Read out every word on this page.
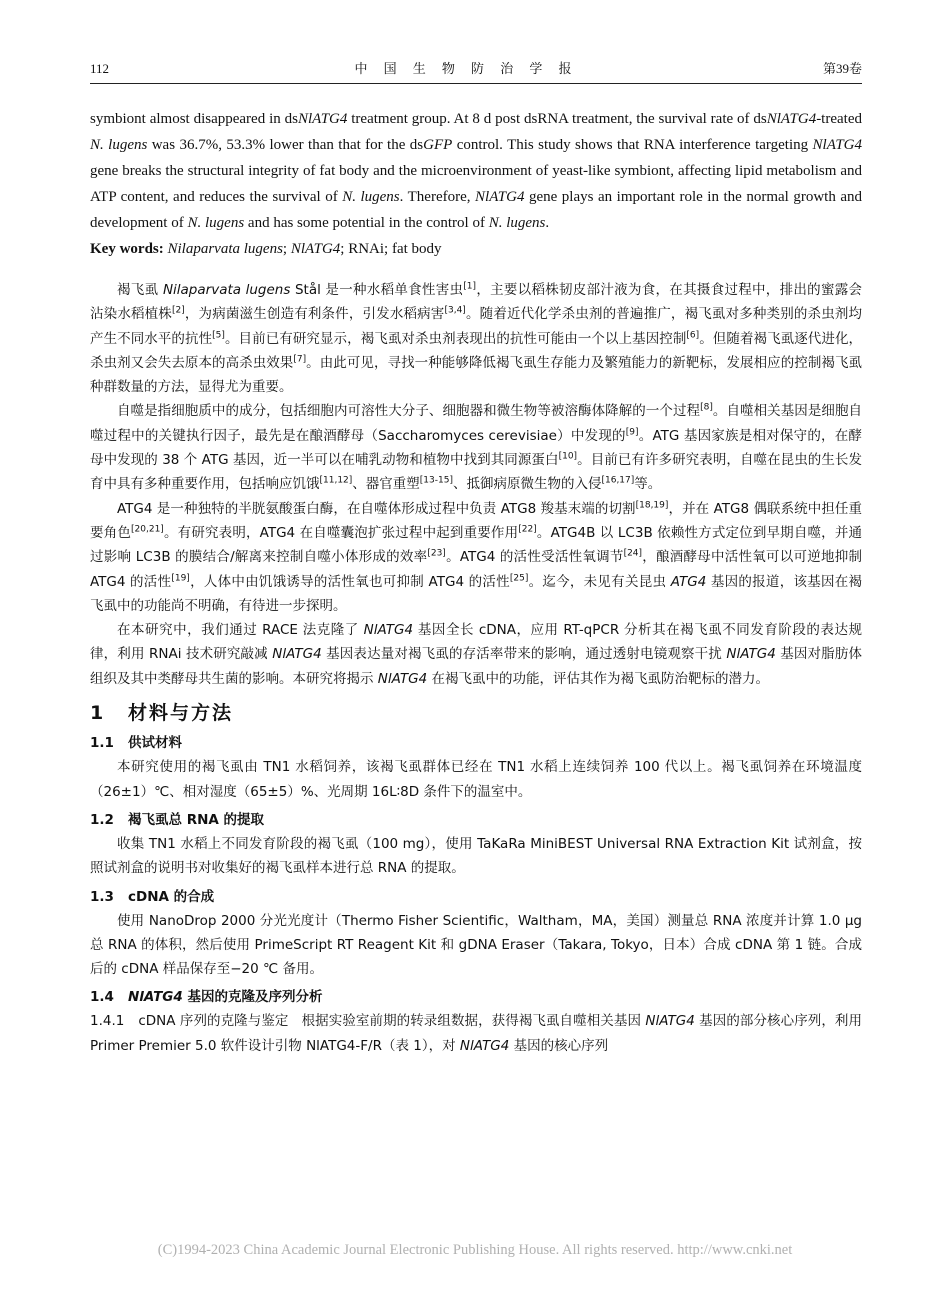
112	中 国 生 物 防 治 学 报	第39卷
symbiont almost disappeared in dsNlATG4 treatment group. At 8 d post dsRNA treatment, the survival rate of dsNlATG4-treated N. lugens was 36.7%, 53.3% lower than that for the dsGFP control. This study shows that RNA interference targeting NlATG4 gene breaks the structural integrity of fat body and the microenvironment of yeast-like symbiont, affecting lipid metabolism and ATP content, and reduces the survival of N. lugens. Therefore, NlATG4 gene plays an important role in the normal growth and development of N. lugens and has some potential in the control of N. lugens.
Key words: Nilaparvata lugens; NlATG4; RNAi; fat body

褐飞虱 Nilaparvata lugens Stål 是一种水稻单食性害虫[1]，主要以稻株韧皮部汁液为食，在其摄食过程中，排出的蜜露会沾染水稻植株[2]，为病菌滋生创造有利条件，引发水稻病害[3,4]。随着近代化学杀虫剂的普遍推广，褐飞虱对多种类别的杀虫剂均产生不同水平的抗性[5]。目前已有研究显示，褐飞虱对杀虫剂表现出的抗性可能由一个以上基因控制[6]。但随着褐飞虱逐代进化，杀虫剂又会失去原本的高杀虫效果[7]。由此可见，寻找一种能够降低褐飞虱生存能力及繁殖能力的新靶标，发展相应的控制褐飞虱种群数量的方法，显得尤为重要。

自噬是指细胞质中的成分，包括细胞内可溶性大分子、细胞器和微生物等被溶酶体降解的一个过程[8]。自噬相关基因是细胞自噬过程中的关键执行因子，最先是在酿酒酵母（Saccharomyces cerevisiae）中发现的[9]。ATG 基因家族是相对保守的，在酵母中发现的 38 个 ATG 基因，近一半可以在哺乳动物和植物中找到其同源蛋白[10]。目前已有许多研究表明，自噬在昆虫的生长发育中具有多种重要作用，包括响应饥饿[11,12]、器官重塑[13-15]、抵御病原微生物的入侵[16,17]等。

ATG4 是一种独特的半胱氨酸蛋白酶，在自噬体形成过程中负责 ATG8 羧基末端的切割[18,19]，并在 ATG8 偶联系统中担任重要角色[20,21]。有研究表明，ATG4 在自噬囊泡扩张过程中起到重要作用[22]。ATG4B 以 LC3B 依赖性方式定位到早期自噬，并通过影响 LC3B 的膜结合/解离来控制自噬小体形成的效率[23]。ATG4 的活性受活性氧调节[24]，酿酒酵母中活性氧可以可逆地抑制 ATG4 的活性[19]，人体中由饥饿诱导的活性氧也可抑制 ATG4 的活性[25]。迄今，未见有关昆虫 ATG4 基因的报道，该基因在褐飞虱中的功能尚不明确，有待进一步探明。

在本研究中，我们通过 RACE 法克隆了 NlATG4 基因全长 cDNA，应用 RT-qPCR 分析其在褐飞虱不同发育阶段的表达规律，利用 RNAi 技术研究敲减 NlATG4 基因表达量对褐飞虱的存活率带来的影响，通过透射电镜观察干扰 NlATG4 基因对脂肪体组织及其中类酵母共生菌的影响。本研究将揭示 NlATG4 在褐飞虱中的功能，评估其作为褐飞虱防治靶标的潜力。

1 材料与方法
1.1 供试材料

本研究使用的褐飞虱由 TN1 水稻饲养，该褐飞虱群体已经在 TN1 水稻上连续饲养 100 代以上。褐飞虱饲养在环境温度（26±1）℃、相对湿度（65±5）%、光周期 16L∶8D 条件下的温室中。

1.2 褐飞虱总 RNA 的提取

收集 TN1 水稻上不同发育阶段的褐飞虱（100 mg），使用 TaKaRa MiniBEST Universal RNA Extraction Kit 试剂盒，按照试剂盒的说明书对收集好的褐飞虱样本进行总 RNA 的提取。

1.3 cDNA 的合成

使用 NanoDrop 2000 分光光度计（Thermo Fisher Scientific，Waltham，MA，美国）测量总 RNA 浓度并计算 1.0 μg 总 RNA 的体积，然后使用 PrimeScript RT Reagent Kit 和 gDNA Eraser（Takara, Tokyo，日本）合成 cDNA 第 1 链。合成后的 cDNA 样品保存至−20 ℃ 备用。

1.4 NlATG4 基因的克隆及序列分析
1.4.1 cDNA 序列的克隆与鉴定 根据实验室前期的转录组数据，获得褐飞虱自噬相关基因 NlATG4 基因的部分核心序列，利用 Primer Premier 5.0 软件设计引物 NlATG4-F/R（表 1），对 NlATG4 基因的核心序列
(C)1994-2023 China Academic Journal Electronic Publishing House. All rights reserved. http://www.cnki.net
